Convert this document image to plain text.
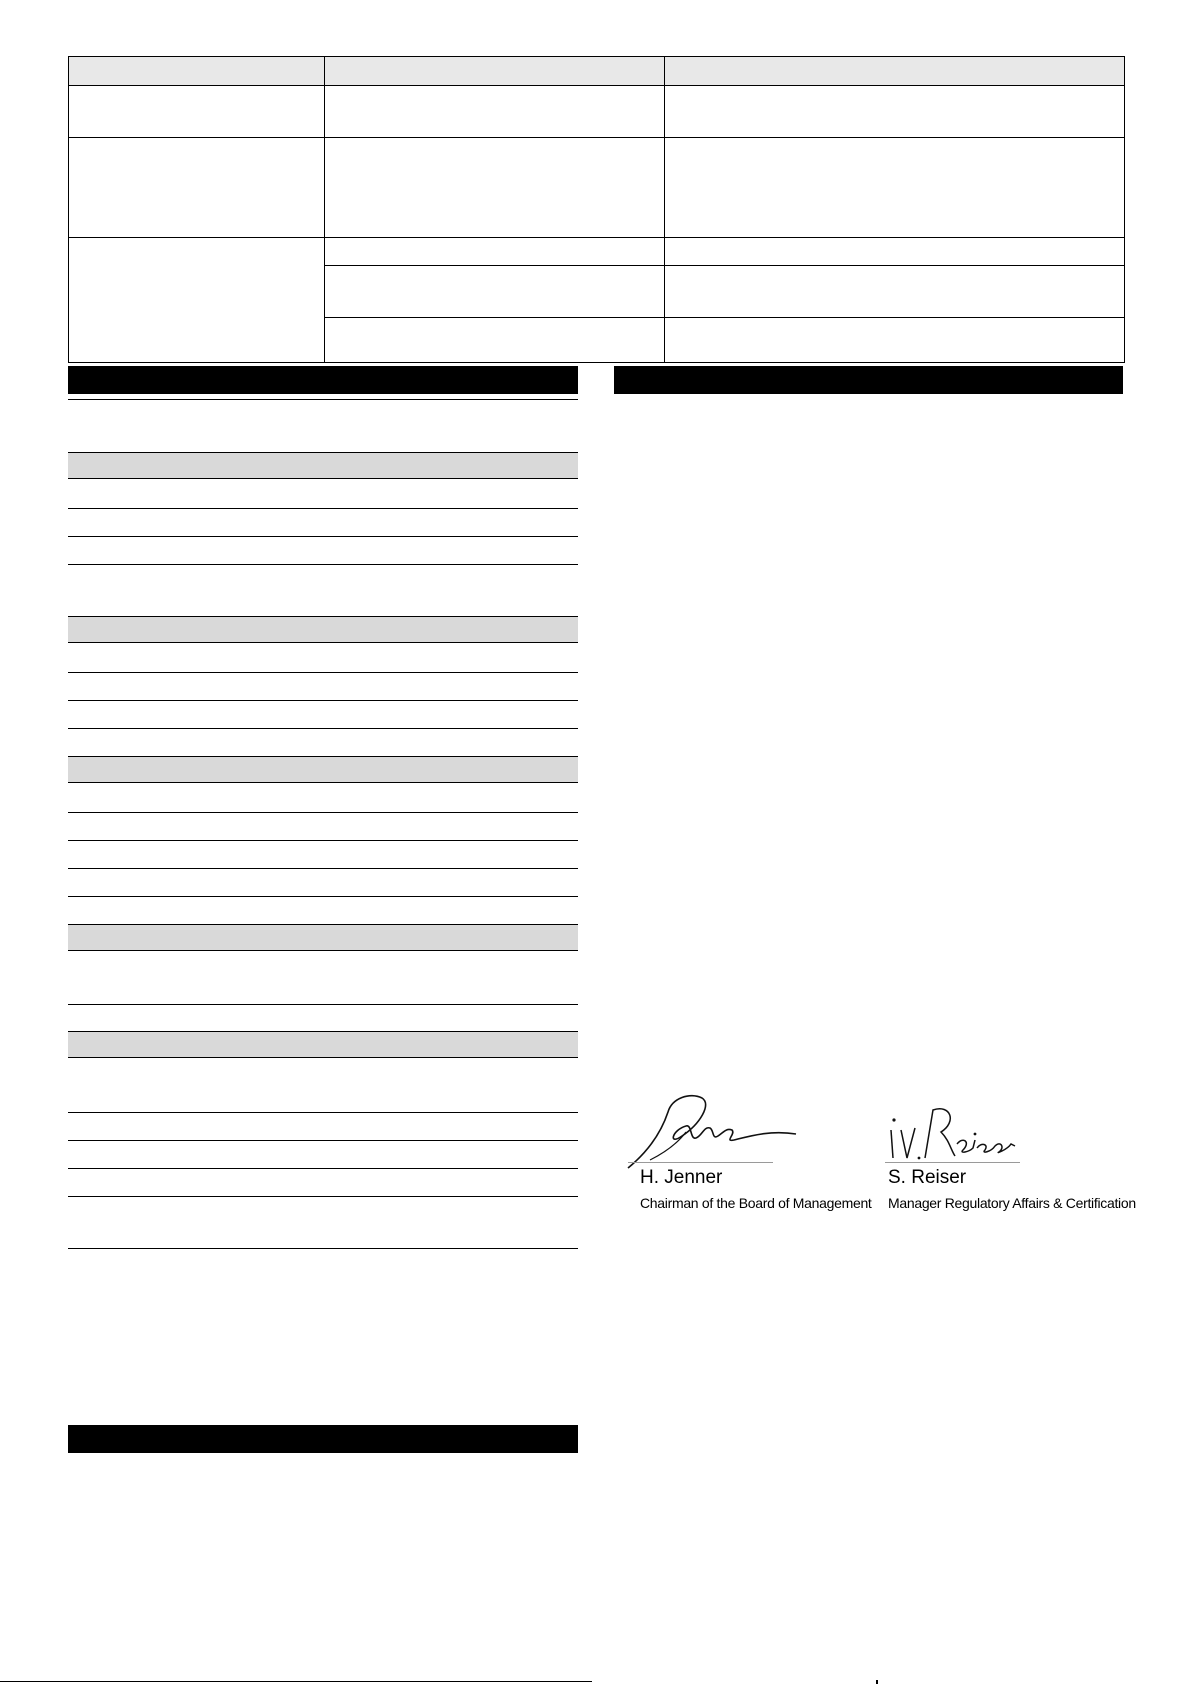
H. Jenner
Chairman of the Board of Management
S. Reiser
Manager Regulatory Affairs & Certification
